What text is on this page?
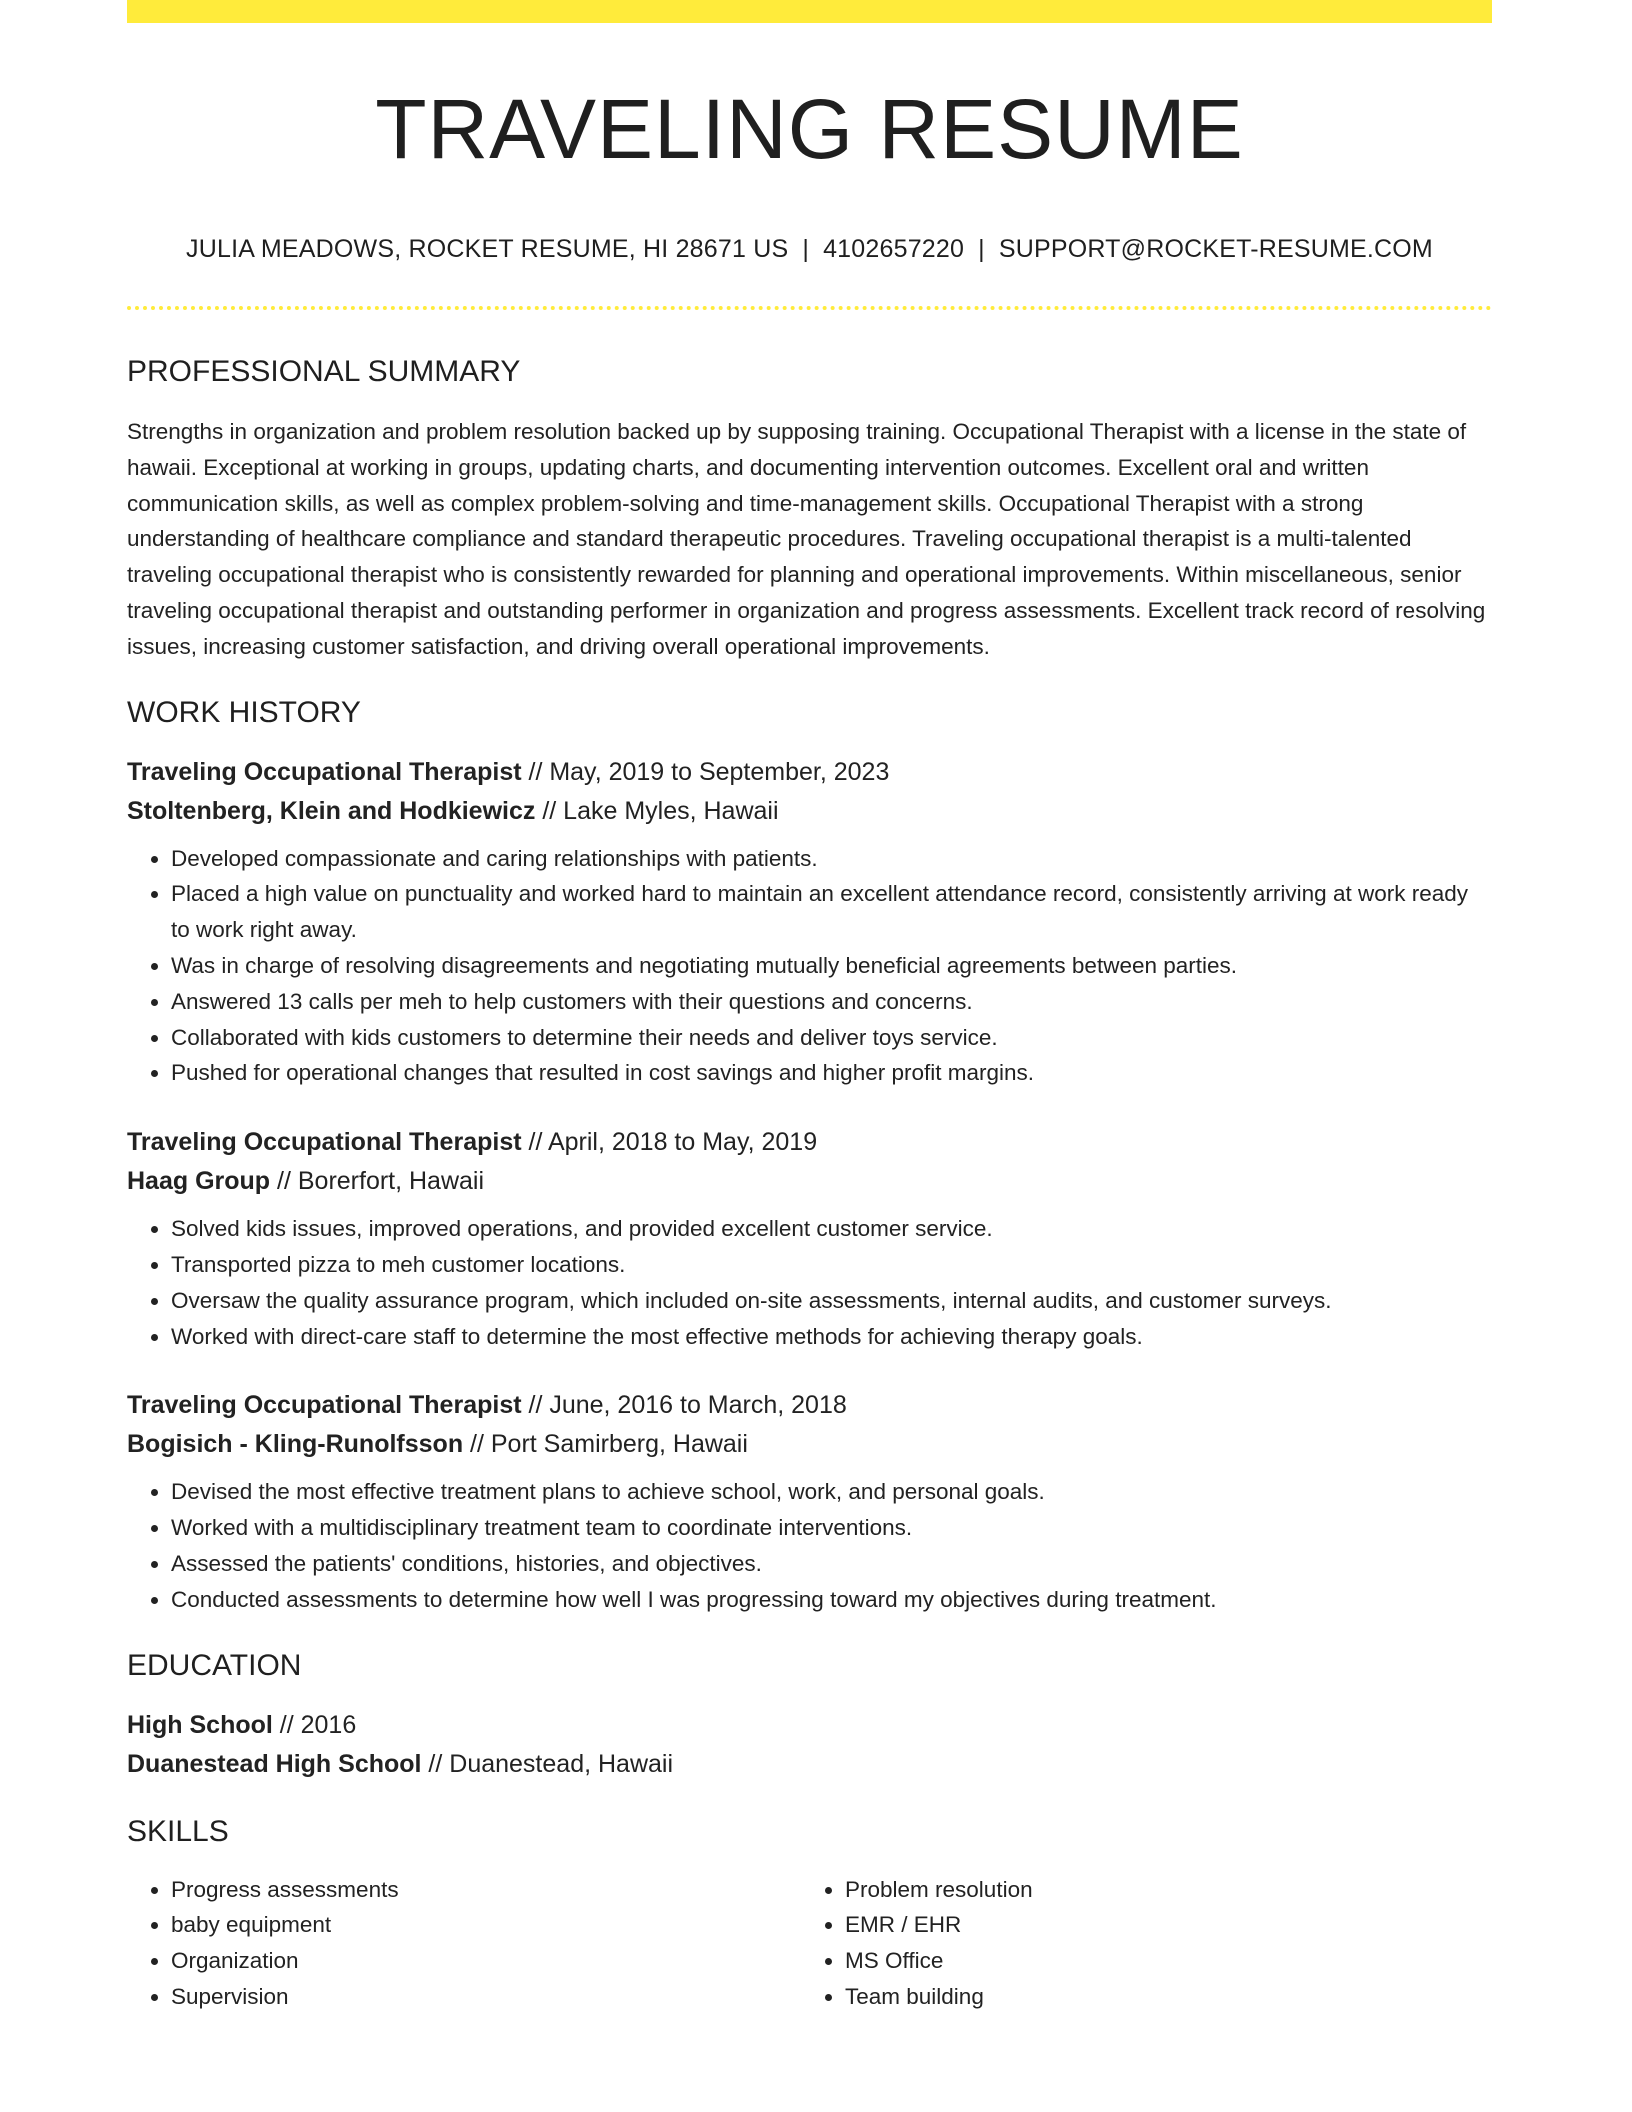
TRAVELING RESUME
JULIA MEADOWS, ROCKET RESUME, HI 28671 US | 4102657220 | SUPPORT@ROCKET-RESUME.COM
PROFESSIONAL SUMMARY

Strengths in organization and problem resolution backed up by supposing training. Occupational Therapist with a license in the state of hawaii. Exceptional at working in groups, updating charts, and documenting intervention outcomes. Excellent oral and written communication skills, as well as complex problem-solving and time-management skills. Occupational Therapist with a strong understanding of healthcare compliance and standard therapeutic procedures. Traveling occupational therapist is a multi-talented traveling occupational therapist who is consistently rewarded for planning and operational improvements. Within miscellaneous, senior traveling occupational therapist and outstanding performer in organization and progress assessments. Excellent track record of resolving issues, increasing customer satisfaction, and driving overall operational improvements.

WORK HISTORY
Traveling Occupational Therapist // May, 2019 to September, 2023
Stoltenberg, Klein and Hodkiewicz // Lake Myles, Hawaii
• Developed compassionate and caring relationships with patients.
• Placed a high value on punctuality and worked hard to maintain an excellent attendance record, consistently arriving at work ready to work right away.
• Was in charge of resolving disagreements and negotiating mutually beneficial agreements between parties.
• Answered 13 calls per meh to help customers with their questions and concerns.
• Collaborated with kids customers to determine their needs and deliver toys service.
• Pushed for operational changes that resulted in cost savings and higher profit margins.
Traveling Occupational Therapist // April, 2018 to May, 2019
Haag Group // Borerfort, Hawaii
• Solved kids issues, improved operations, and provided excellent customer service.
• Transported pizza to meh customer locations.
• Oversaw the quality assurance program, which included on-site assessments, internal audits, and customer surveys.
• Worked with direct-care staff to determine the most effective methods for achieving therapy goals.
Traveling Occupational Therapist // June, 2016 to March, 2018
Bogisich - Kling-Runolfsson // Port Samirberg, Hawaii
• Devised the most effective treatment plans to achieve school, work, and personal goals.
• Worked with a multidisciplinary treatment team to coordinate interventions.
• Assessed the patients' conditions, histories, and objectives.
• Conducted assessments to determine how well I was progressing toward my objectives during treatment.
EDUCATION
High School // 2016
Duanestead High School // Duanestead, Hawaii
SKILLS
• Progress assessments
• baby equipment
• Organization
• Supervision
• Problem resolution
• EMR / EHR
• MS Office
• Team building
